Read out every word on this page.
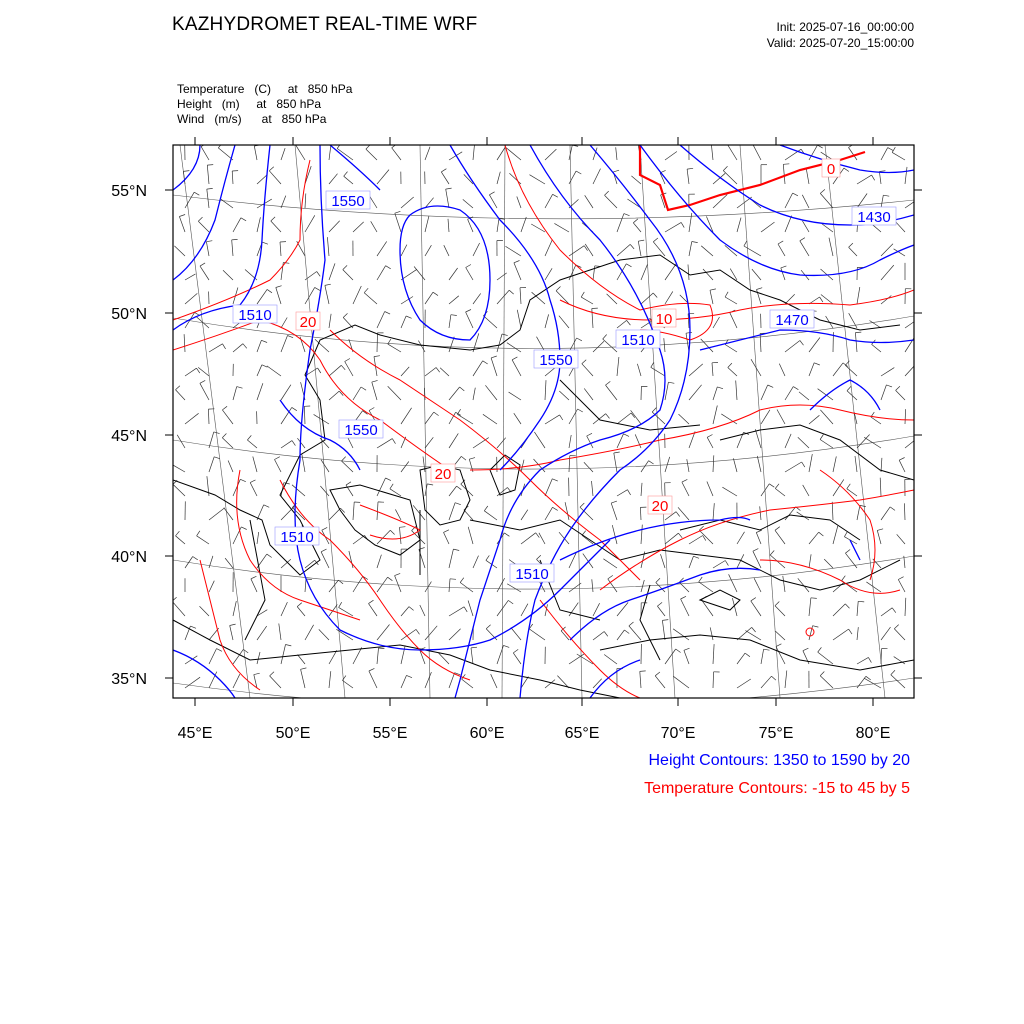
KAZHYDROMET REAL-TIME WRF	Init: 2025-07-16_00:00:00
Valid: 2025-07-20_15:00:00
Temperature   (C)     at   850 hPa
Height   (m)     at   850 hPa
Wind   (m/s)      at   850 hPa
1550
1430
1510	1470
1510
1550
1550
1510
1510
0
20	10
20
20
55°N
50°N
45°N
40°N
35°N
45°E	50°E	55°E	60°E	65°E	70°E	75°E	80°E
Height Contours: 1350 to 1590 by 20
Temperature Contours: -15 to 45 by 5
